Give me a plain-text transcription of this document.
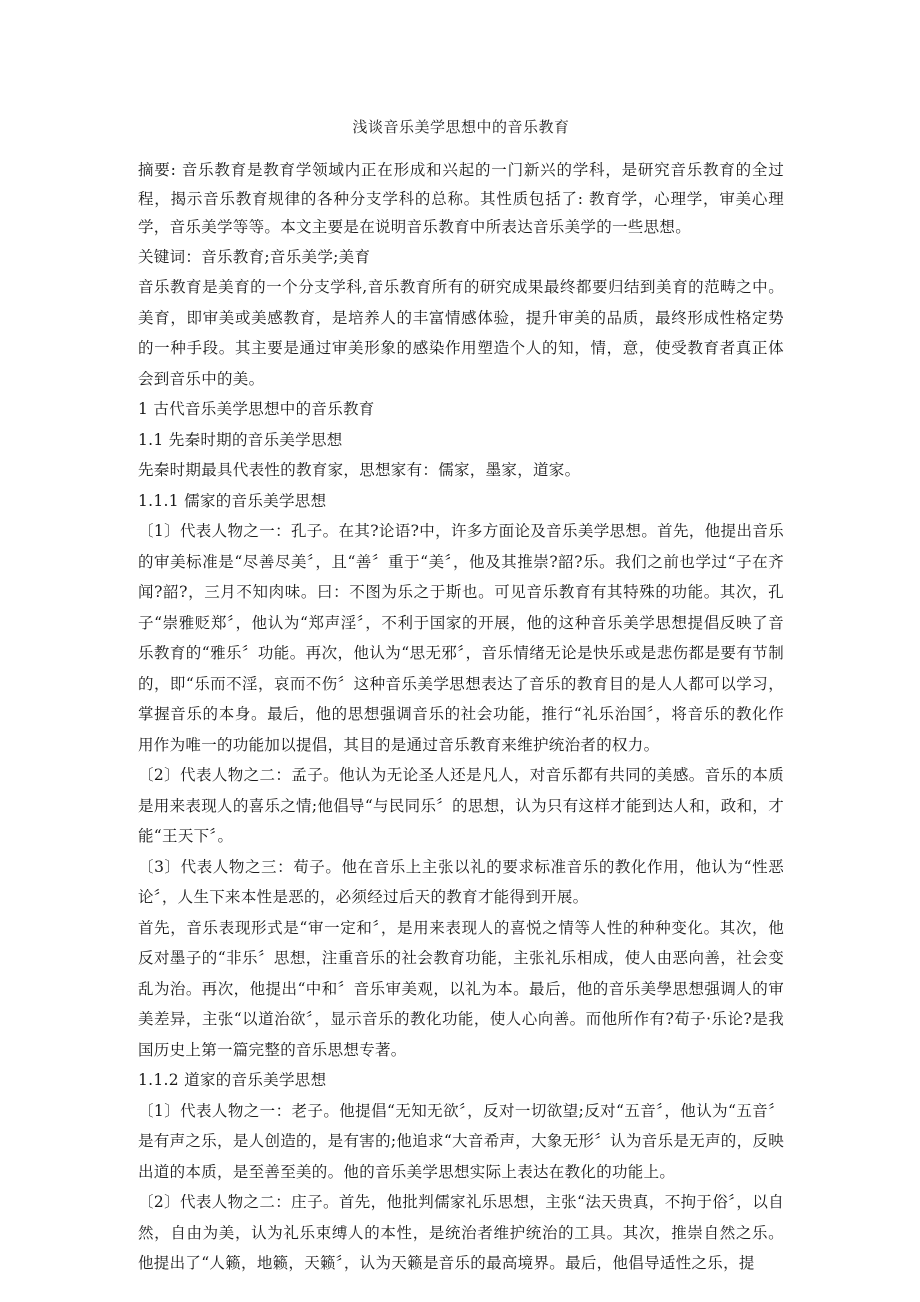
浅谈音乐美学思想中的音乐教育

摘要: 音乐教育是教育学领域内正在形成和兴起的一门新兴的学科，是研究音乐教育的全过程，揭示音乐教育规律的各种分支学科的总称。其性质包括了: 教育学，心理学，审美心理学，音乐美学等等。本文主要是在说明音乐教育中所表达音乐美学的一些思想。

关键词：音乐教育;音乐美学;美育

音乐教育是美育的一个分支学科,音乐教育所有的研究成果最终都要归结到美育的范畴之中。美育，即审美或美感教育，是培养人的丰富情感体验，提升审美的品质，最终形成性格定势的一种手段。其主要是通过审美形象的感染作用塑造个人的知，情，意，使受教育者真正体会到音乐中的美。

1 古代音乐美学思想中的音乐教育

1.1 先秦时期的音乐美学思想

先秦时期最具代表性的教育家，思想家有：儒家，墨家，道家。

1.1.1 儒家的音乐美学思想

〔1〕代表人物之一：孔子。在其?论语?中，许多方面论及音乐美学思想。首先，他提出音乐的审美标准是“尽善尽美〞，且“善〞重于“美〞，他及其推崇?韶?乐。我们之前也学过“子在齐闻?韶?，三月不知肉味。曰：不图为乐之于斯也。可见音乐教育有其特殊的功能。其次，孔子“崇雅贬郑〞，他认为“郑声淫〞，不利于国家的开展，他的这种音乐美学思想提倡反映了音乐教育的“雅乐〞功能。再次，他认为“思无邪〞，音乐情绪无论是快乐或是悲伤都是要有节制的，即“乐而不淫，哀而不伤〞这种音乐美学思想表达了音乐的教育目的是人人都可以学习，掌握音乐的本身。最后，他的思想强调音乐的社会功能，推行“礼乐治国〞，将音乐的教化作用作为唯一的功能加以提倡，其目的是通过音乐教育来维护统治者的权力。

〔2〕代表人物之二：孟子。他认为无论圣人还是凡人，对音乐都有共同的美感。音乐的本质是用来表现人的喜乐之情;他倡导“与民同乐〞的思想，认为只有这样才能到达人和，政和，才能“王天下〞。

〔3〕代表人物之三：荀子。他在音乐上主张以礼的要求标准音乐的教化作用，他认为“性恶论〞，人生下来本性是恶的，必须经过后天的教育才能得到开展。

首先，音乐表现形式是“审一定和〞，是用来表现人的喜悦之情等人性的种种变化。其次，他反对墨子的“非乐〞思想，注重音乐的社会教育功能，主张礼乐相成，使人由恶向善，社会变乱为治。再次，他提出“中和〞音乐审美观，以礼为本。最后，他的音乐美學思想强调人的审美差异，主张“以道治欲〞，显示音乐的教化功能，使人心向善。而他所作有?荀子·乐论?是我国历史上第一篇完整的音乐思想专著。

1.1.2 道家的音乐美学思想

〔1〕代表人物之一：老子。他提倡“无知无欲〞，反对一切欲望;反对“五音〞，他认为“五音〞是有声之乐，是人创造的，是有害的;他追求“大音希声，大象无形〞认为音乐是无声的，反映出道的本质，是至善至美的。他的音乐美学思想实际上表达在教化的功能上。

〔2〕代表人物之二：庄子。首先，他批判儒家礼乐思想，主张“法天贵真，不拘于俗〞，以自然，自由为美，认为礼乐束缚人的本性，是统治者维护统治的工具。其次，推崇自然之乐。他提出了“人籁，地籁，天籁〞，认为天籁是音乐的最高境界。最后，他倡导适性之乐，提
